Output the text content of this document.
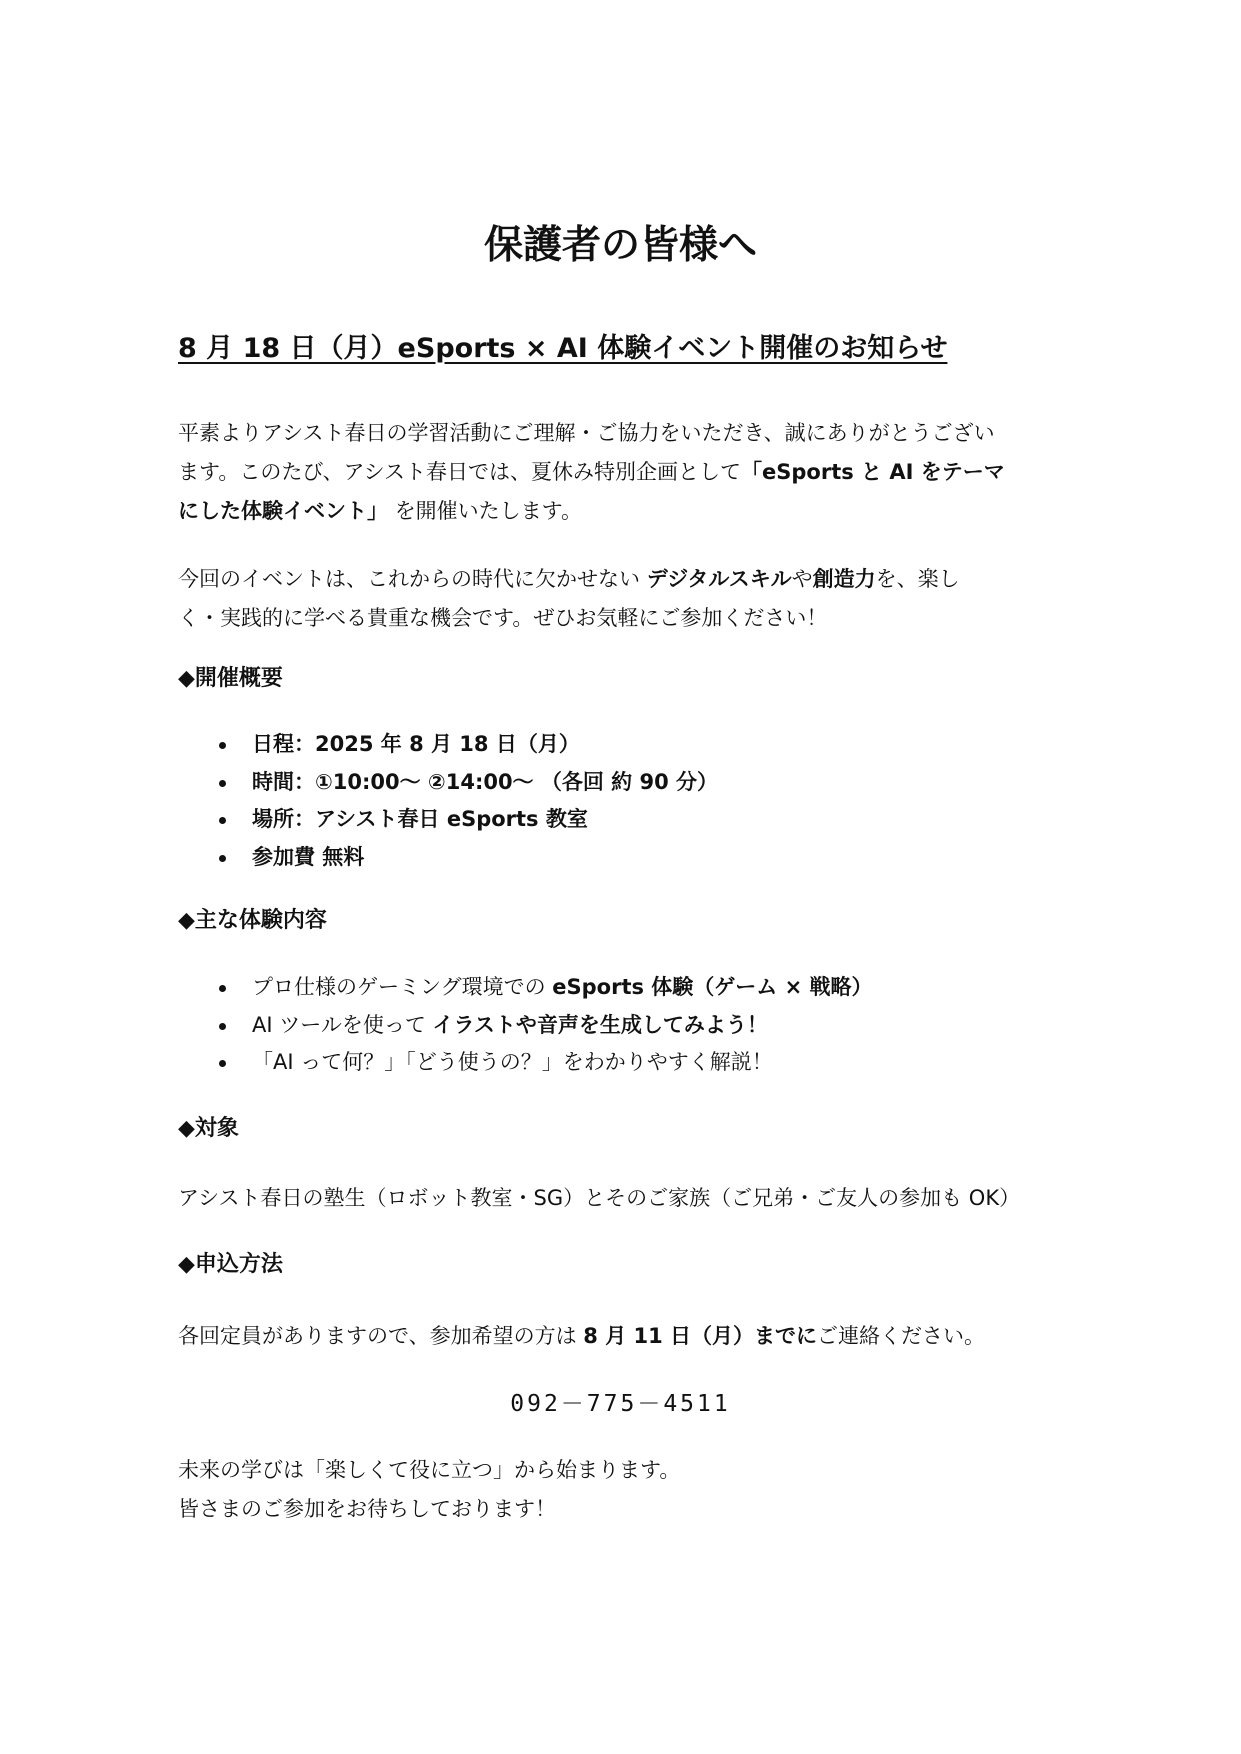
保護者の皆様へ
8 月 18 日（月）eSports × AI 体験イベント開催のお知らせ
平素よりアシスト春日の学習活動にご理解・ご協力をいただき、誠にありがとうござい
ます。このたび、アシスト春日では、夏休み特別企画として「eSports と AI をテーマ
にした体験イベント」 を開催いたします。
今回のイベントは、これからの時代に欠かせない デジタルスキルや創造力を、楽し
く・実践的に学べる貴重な機会です。ぜひお気軽にご参加ください！
◆開催概要
日程：2025 年 8 月 18 日（月）
時間：①10:00～ ②14:00～ （各回 約 90 分）
場所：アシスト春日 eSports 教室
参加費 無料
◆主な体験内容
プロ仕様のゲーミング環境での eSports 体験（ゲーム × 戦略）
AI ツールを使って イラストや音声を生成してみよう！
「AI って何？」「どう使うの？」をわかりやすく解説！
◆対象

アシスト春日の塾生（ロボット教室・SG）とそのご家族（ご兄弟・ご友人の参加も OK）

◆申込方法

各回定員がありますので、参加希望の方は 8 月 11 日（月）までにご連絡ください。

092－775－4511

未来の学びは「楽しくて役に立つ」から始まります。
皆さまのご参加をお待ちしております！
